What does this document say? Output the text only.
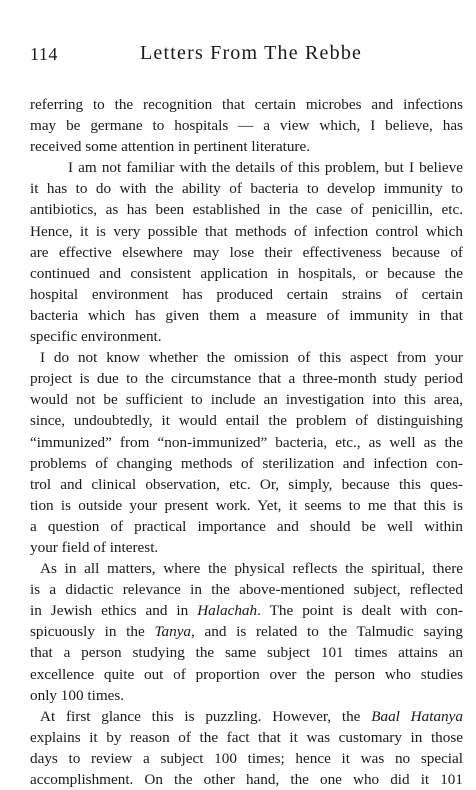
114	Letters From The Rebbe
referring to the recognition that certain microbes and infections
may be germane to hospitals — a view which, I believe, has
received some attention in pertinent literature.
I am not familiar with the details of this problem, but I believe
it has to do with the ability of bacteria to develop immunity to
antibiotics, as has been established in the case of penicillin, etc.
Hence, it is very possible that methods of infection control which
are effective elsewhere may lose their effectiveness because of
continued and consistent application in hospitals, or because the
hospital environment has produced certain strains of certain
bacteria which has given them a measure of immunity in that
specific environment.
I do not know whether the omission of this aspect from your
project is due to the circumstance that a three-month study period
would not be sufficient to include an investigation into this area,
since, undoubtedly, it would entail the problem of distinguishing
“immunized” from “non-immunized” bacteria, etc., as well as the
problems of changing methods of sterilization and infection con-
trol and clinical observation, etc. Or, simply, because this ques-
tion is outside your present work. Yet, it seems to me that this is
a question of practical importance and should be well within
your field of interest.
As in all matters, where the physical reflects the spiritual, there
is a didactic relevance in the above-mentioned subject, reflected
in Jewish ethics and in Halachah. The point is dealt with con-
spicuously in the Tanya, and is related to the Talmudic saying
that a person studying the same subject 101 times attains an
excellence quite out of proportion over the person who studies
only 100 times.
At first glance this is puzzling. However, the Baal Hatanya
explains it by reason of the fact that it was customary in those
days to review a subject 100 times; hence it was no special
accomplishment. On the other hand, the one who did it 101
